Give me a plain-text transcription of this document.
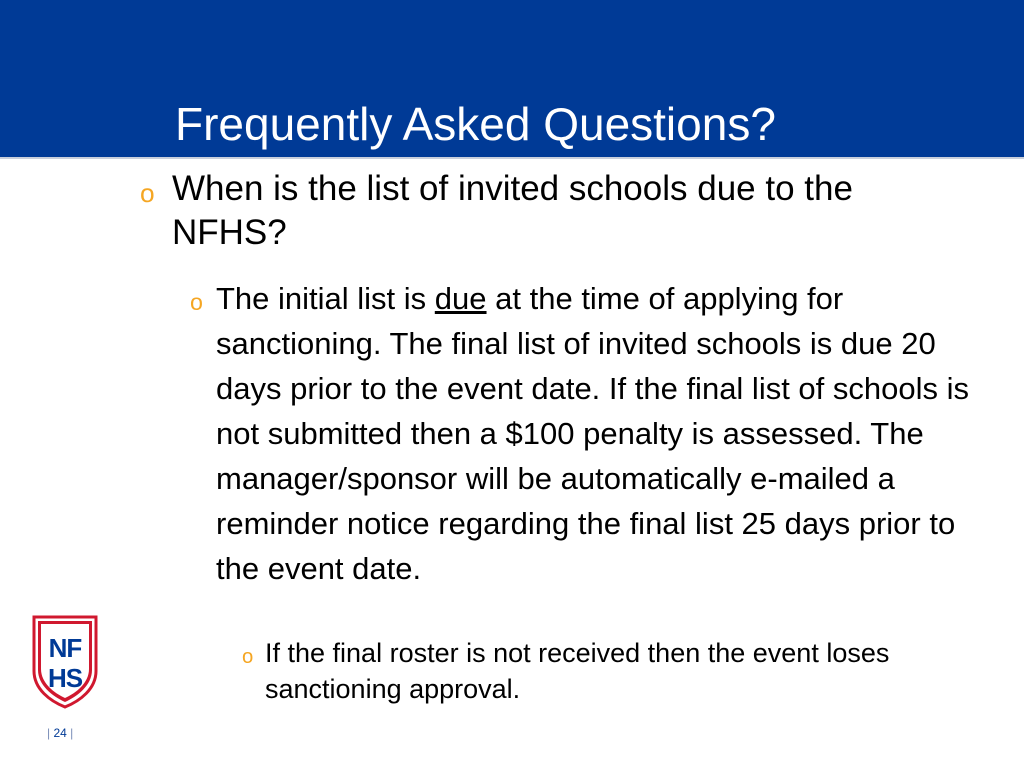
Frequently Asked Questions?
o When is the list of invited schools due to the NFHS?
o The initial list is due at the time of applying for sanctioning. The final list of invited schools is due 20 days prior to the event date. If the final list of schools is not submitted then a $100 penalty is assessed. The manager/sponsor will be automatically e-mailed a reminder notice regarding the final list 25 days prior to the event date.
o If the final roster is not received then the event loses sanctioning approval.
NF
HS
| 24 |
